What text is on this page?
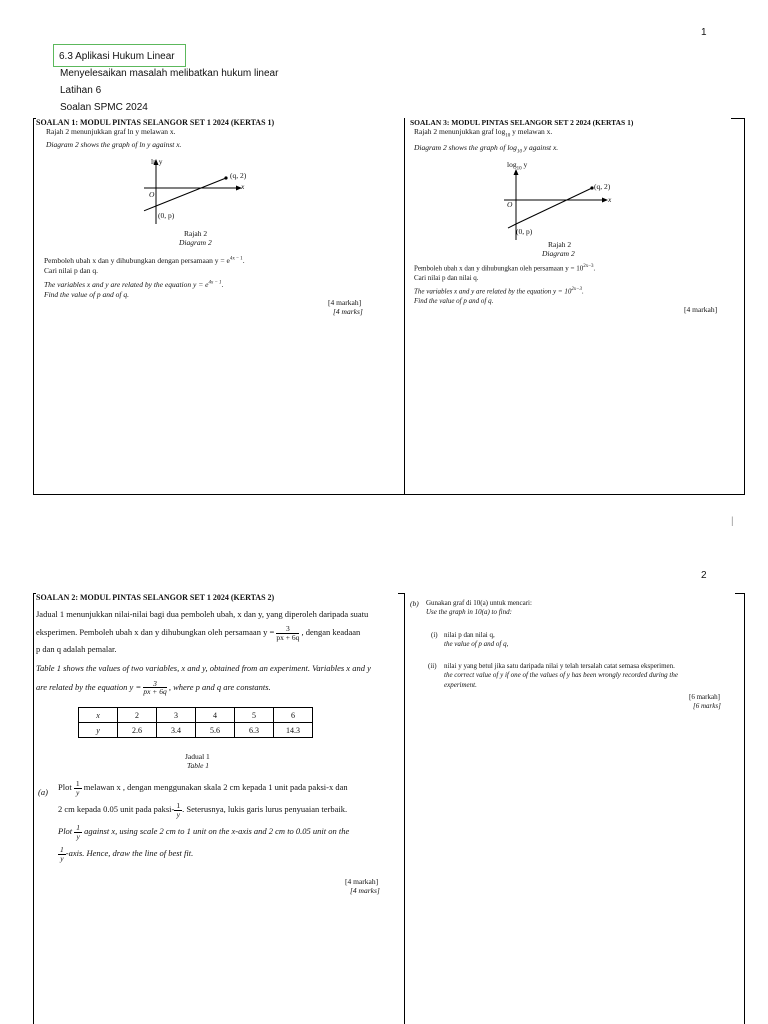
1
6.3 Aplikasi Hukum Linear
Menyelesaikan masalah melibatkan hukum linear
Latihan 6
Soalan SPMC 2024
SOALAN 1: MODUL PINTAS SELANGOR SET 1 2024 (KERTAS 1)
Rajah 2 menunjukkan graf ln y melawan x.
Diagram 2 shows the graph of ln y against x.
ln y
x
O
(q, 2)
(0, p)
Rajah 2
Diagram 2
Pemboleh ubah x dan y dihubungkan dengan persamaan $y = e^{4x - 1}$.
Cari nilai p dan q.
The variables x and y are related by the equation $y = e^{4x - 1}$.
Find the value of p and of q.
[4 markah]
[4 marks]
SOALAN 3: MODUL PINTAS SELANGOR SET 2 2024 (KERTAS 1)
Rajah 2 menunjukkan graf $\log_{10} y$ melawan x.
Diagram 2 shows the graph of $\log_{10} y$ against x.
$\log_{10} y$
x
O
(q, 2)
(0, p)
Rajah 2
Diagram 2
Pemboleh ubah x dan y dihubungkan oleh persamaan $y = 10^{2x-3}$.
Cari nilai p dan nilai q.
The variables x and y are related by the equation $y = 10^{2x-3}$.
Find the value of p and of q.
[4 markah]
|
2
SOALAN 2: MODUL PINTAS SELANGOR SET 1 2024 (KERTAS 2)
Jadual 1 menunjukkan nilai-nilai bagi dua pemboleh ubah, x dan y, yang diperoleh daripada suatu
eksperimen. Pemboleh ubah x dan y dihubungkan oleh persamaan $y = \frac{3}{px + 6q}$ , dengan keadaan
p dan q adalah pemalar.
Table 1 shows the values of two variables, x and y, obtained from an experiment. Variables x and y
are related by the equation $y = \frac{3}{px + 6q}$ , where p and q are constants.
x	2	3	4	5	6
y	2.6	3.4	5.6	6.3	14.3
Jadual 1
Table 1
(a)
Plot $\frac{1}{y}$ melawan x , dengan menggunakan skala 2 cm kepada 1 unit pada paksi-x dan
2 cm kepada 0.05 unit pada paksi- $\frac{1}{y}$ . Seterusnya, lukis garis lurus penyuaian terbaik.
Plot $\frac{1}{y}$ against x, using scale 2 cm to 1 unit on the x-axis and 2 cm to 0.05 unit on the
$\frac{1}{y}$ -axis. Hence, draw the line of best fit.
[4 markah]
[4 marks]
(b) Gunakan graf di 10(a) untuk mencari:
Use the graph in 10(a) to find:
(i) nilai p dan nilai q,
the value of p and of q,
(ii) nilai y yang betul jika satu daripada nilai y telah tersalah catat semasa eksperimen.
the correct value of y if one of the values of y has been wrongly recorded during the
experiment.
[6 markah]
[6 marks]
